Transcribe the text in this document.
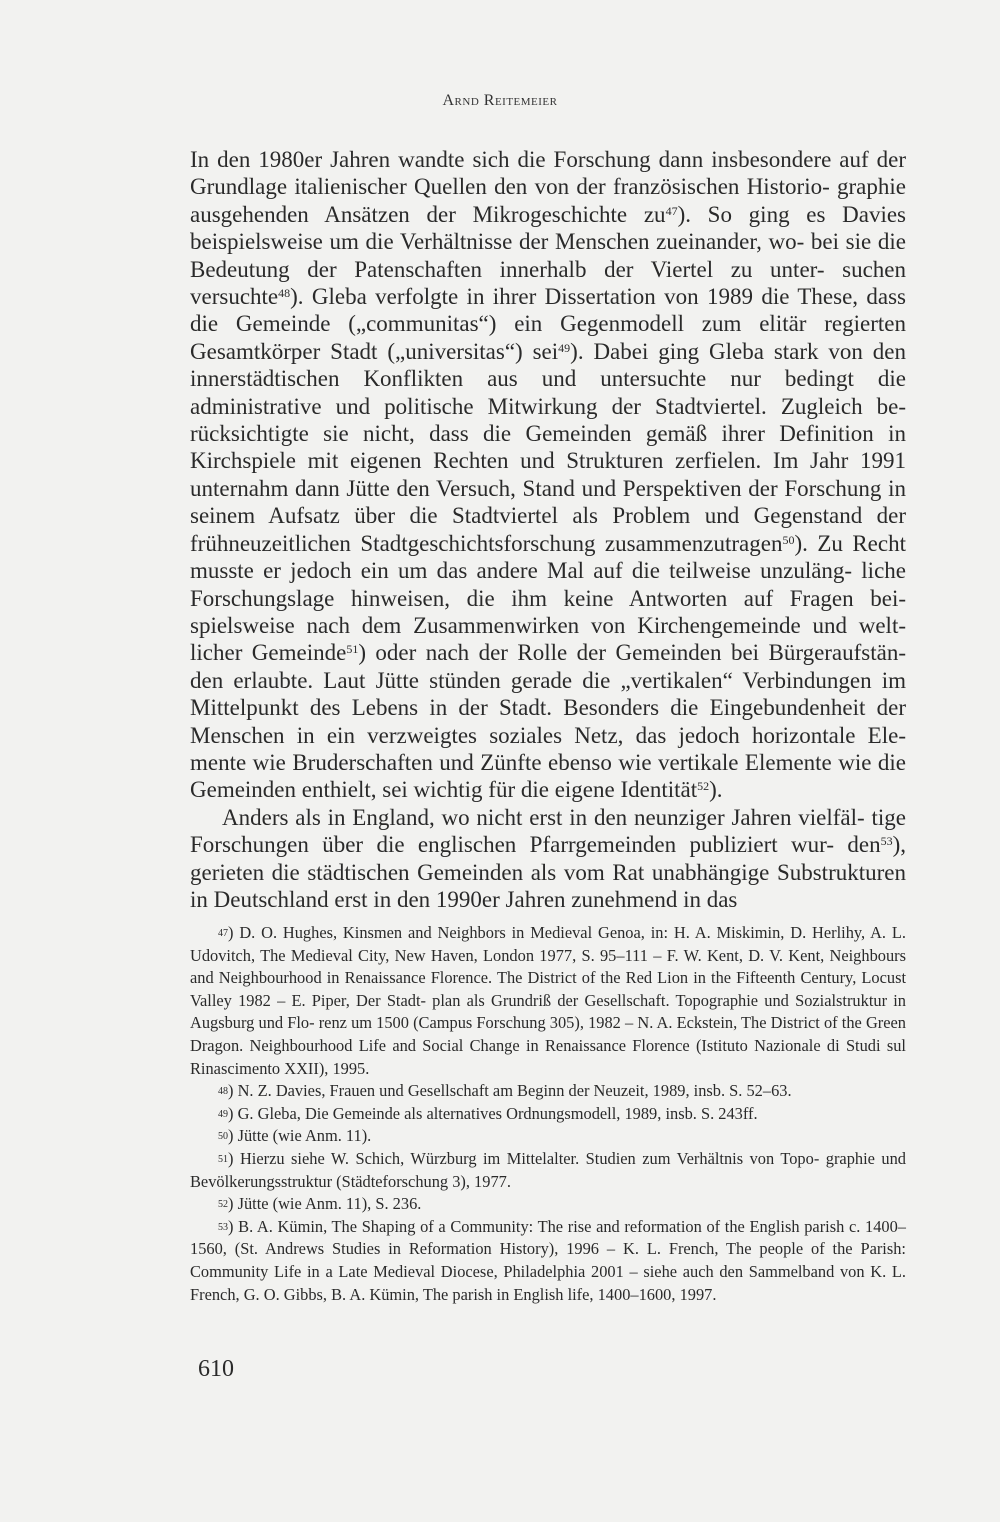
Arnd Reitemeier

In den 1980er Jahren wandte sich die Forschung dann insbesondere auf der Grundlage italienischer Quellen den von der französischen Historio- graphie ausgehenden Ansätzen der Mikrogeschichte zu$^{47}$). So ging es Davies beispielsweise um die Verhältnisse der Menschen zueinander, wo- bei sie die Bedeutung der Patenschaften innerhalb der Viertel zu unter- suchen versuchte$^{48}$). Gleba verfolgte in ihrer Dissertation von 1989 die These, dass die Gemeinde („communitas“) ein Gegenmodell zum elitär regierten Gesamtkörper Stadt („universitas“) sei$^{49}$). Dabei ging Gleba stark von den innerstädtischen Konflikten aus und untersuchte nur bedingt die administrative und politische Mitwirkung der Stadtviertel. Zugleich be- rücksichtigte sie nicht, dass die Gemeinden gemäß ihrer Definition in Kirchspiele mit eigenen Rechten und Strukturen zerfielen. Im Jahr 1991 unternahm dann Jütte den Versuch, Stand und Perspektiven der Forschung in seinem Aufsatz über die Stadtviertel als Problem und Gegenstand der frühneuzeitlichen Stadtgeschichtsforschung zusammenzutragen$^{50}$). Zu Recht musste er jedoch ein um das andere Mal auf die teilweise unzuläng- liche Forschungslage hinweisen, die ihm keine Antworten auf Fragen bei- spielsweise nach dem Zusammenwirken von Kirchengemeinde und welt- licher Gemeinde$^{51}$) oder nach der Rolle der Gemeinden bei Bürgeraufstän- den erlaubte. Laut Jütte stünden gerade die „vertikalen“ Verbindungen im Mittelpunkt des Lebens in der Stadt. Besonders die Eingebundenheit der Menschen in ein verzweigtes soziales Netz, das jedoch horizontale Ele- mente wie Bruderschaften und Zünfte ebenso wie vertikale Elemente wie die Gemeinden enthielt, sei wichtig für die eigene Identität$^{52}$).

Anders als in England, wo nicht erst in den neunziger Jahren vielfäl- tige Forschungen über die englischen Pfarrgemeinden publiziert wur- den$^{53}$), gerieten die städtischen Gemeinden als vom Rat unabhängige Substrukturen in Deutschland erst in den 1990er Jahren zunehmend in das

$^{47}$) D. O. Hughes, Kinsmen and Neighbors in Medieval Genoa, in: H. A. Miskimin, D. Herlihy, A. L. Udovitch, The Medieval City, New Haven, London 1977, S. 95–111 – F. W. Kent, D. V. Kent, Neighbours and Neighbourhood in Renaissance Florence. The District of the Red Lion in the Fifteenth Century, Locust Valley 1982 – E. Piper, Der Stadt- plan als Grundriß der Gesellschaft. Topographie und Sozialstruktur in Augsburg und Flo- renz um 1500 (Campus Forschung 305), 1982 – N. A. Eckstein, The District of the Green Dragon. Neighbourhood Life and Social Change in Renaissance Florence (Istituto Nazionale di Studi sul Rinascimento XXII), 1995.

$^{48}$) N. Z. Davies, Frauen und Gesellschaft am Beginn der Neuzeit, 1989, insb. S. 52–63.

$^{49}$) G. Gleba, Die Gemeinde als alternatives Ordnungsmodell, 1989, insb. S. 243ff.

$^{50}$) Jütte (wie Anm. 11).

$^{51}$) Hierzu siehe W. Schich, Würzburg im Mittelalter. Studien zum Verhältnis von Topo- graphie und Bevölkerungsstruktur (Städteforschung 3), 1977.

$^{52}$) Jütte (wie Anm. 11), S. 236.

$^{53}$) B. A. Kümin, The Shaping of a Community: The rise and reformation of the English parish c. 1400–1560, (St. Andrews Studies in Reformation History), 1996 – K. L. French, The people of the Parish: Community Life in a Late Medieval Diocese, Philadelphia 2001 – siehe auch den Sammelband von K. L. French, G. O. Gibbs, B. A. Kümin, The parish in English life, 1400–1600, 1997.

610
